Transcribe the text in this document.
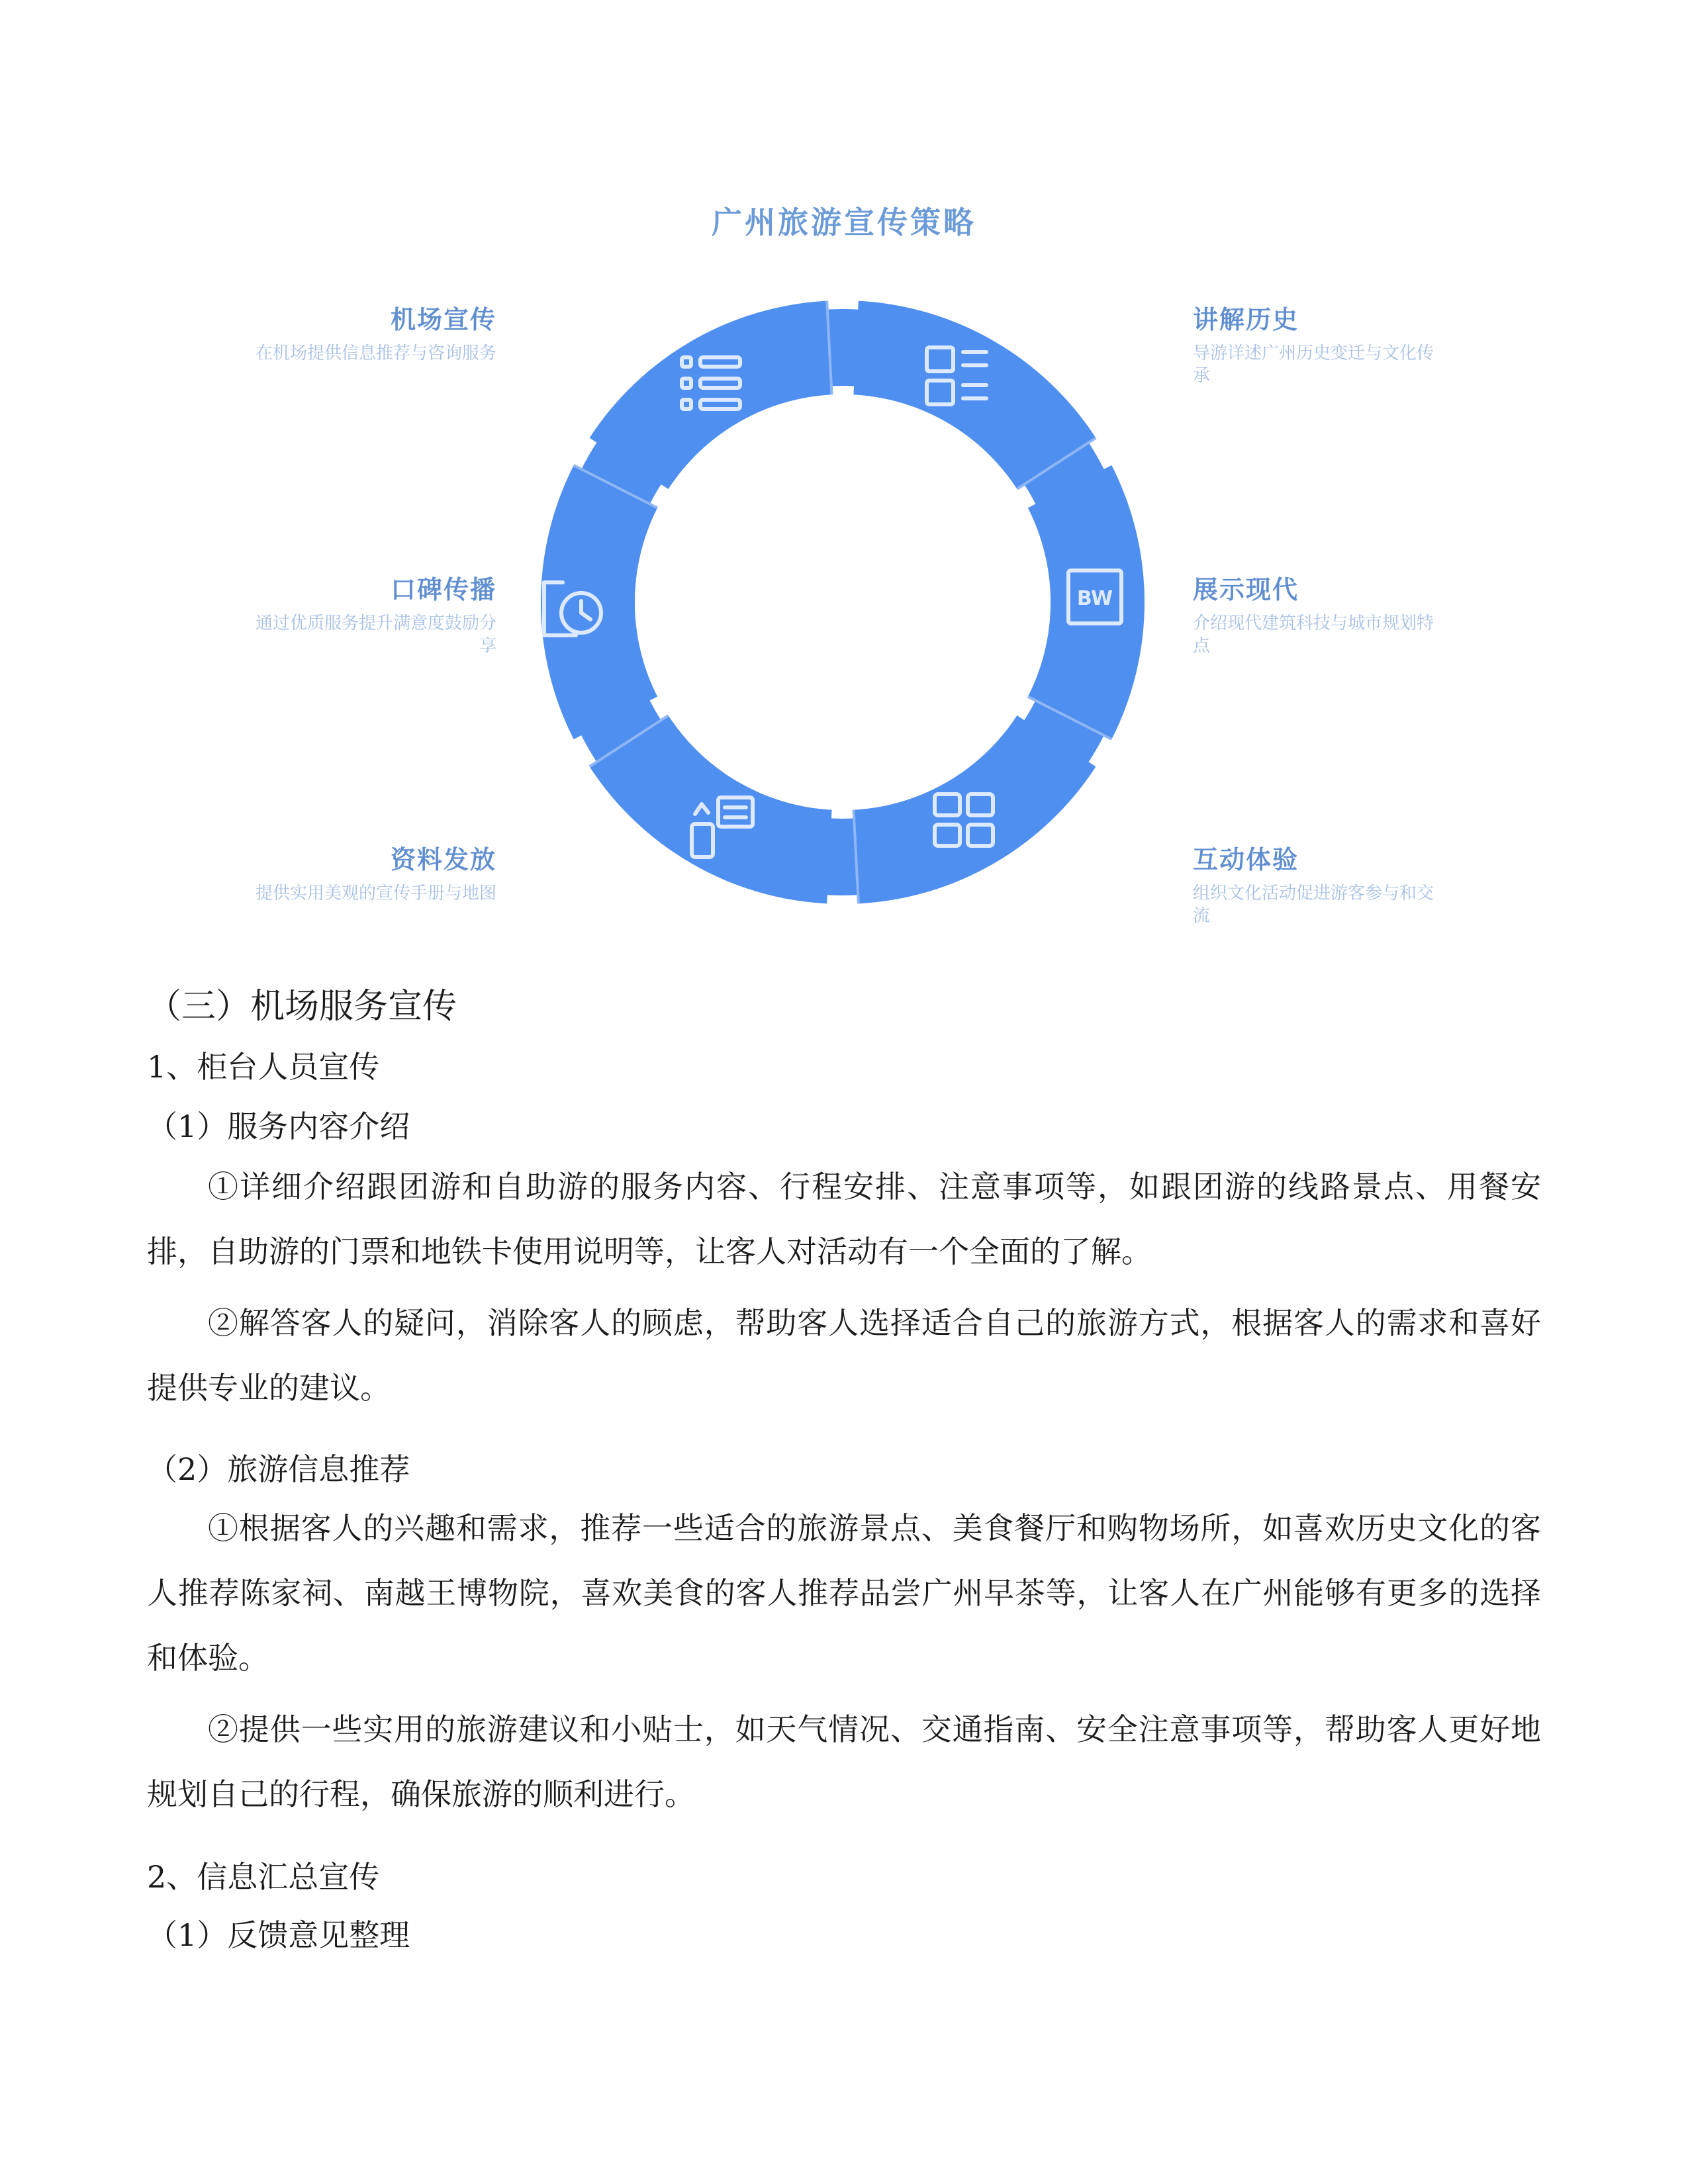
BW
广州旅游宣传策略
机场宣传
在机场提供信息推荐与咨询服务
讲解历史
导游详述广州历史变迁与文化传承
展示现代
介绍现代建筑科技与城市规划特点
互动体验
组织文化活动促进游客参与和交流
资料发放
提供实用美观的宣传手册与地图
口碑传播
通过优质服务提升满意度鼓励分享
（三）机场服务宣传
1、柜台人员宣传
（1）服务内容介绍

①详细介绍跟团游和自助游的服务内容、行程安排、注意事项等，如跟团游的线路景点、用餐安排，自助游的门票和地铁卡使用说明等，让客人对活动有一个全面的了解。

②解答客人的疑问，消除客人的顾虑，帮助客人选择适合自己的旅游方式，根据客人的需求和喜好提供专业的建议。

（2）旅游信息推荐

①根据客人的兴趣和需求，推荐一些适合的旅游景点、美食餐厅和购物场所，如喜欢历史文化的客人推荐陈家祠、南越王博物院，喜欢美食的客人推荐品尝广州早茶等，让客人在广州能够有更多的选择和体验。

②提供一些实用的旅游建议和小贴士，如天气情况、交通指南、安全注意事项等，帮助客人更好地规划自己的行程，确保旅游的顺利进行。

2、信息汇总宣传
（1）反馈意见整理
